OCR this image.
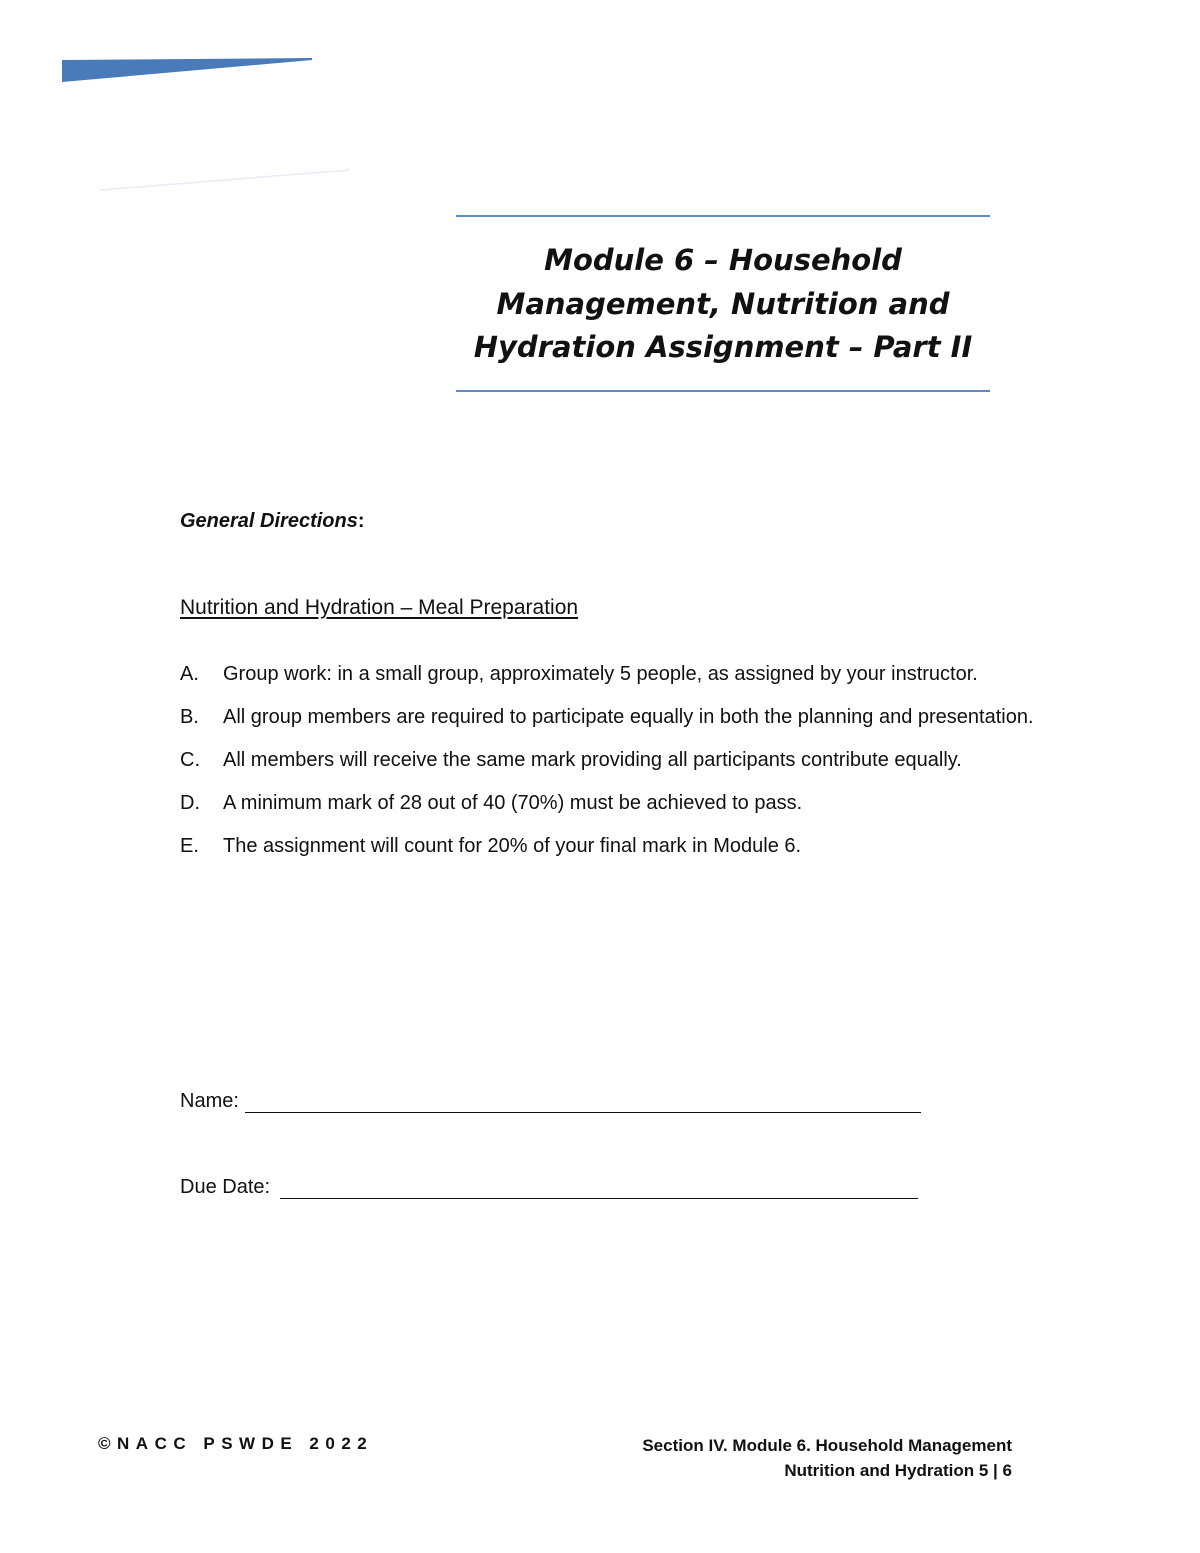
Module 6 – Household
Management, Nutrition and
Hydration Assignment – Part II
General Directions:
Nutrition and Hydration – Meal Preparation
A. Group work: in a small group, approximately 5 people, as assigned by your instructor.
B. All group members are required to participate equally in both the planning and presentation.
C. All members will receive the same mark providing all participants contribute equally.
D. A minimum mark of 28 out of 40 (70%) must be achieved to pass.
E. The assignment will count for 20% of your final mark in Module 6.
Name:
Due Date:
©NACC PSWDE 2022	Section IV. Module 6. Household Management
Nutrition and Hydration 5 | 6
